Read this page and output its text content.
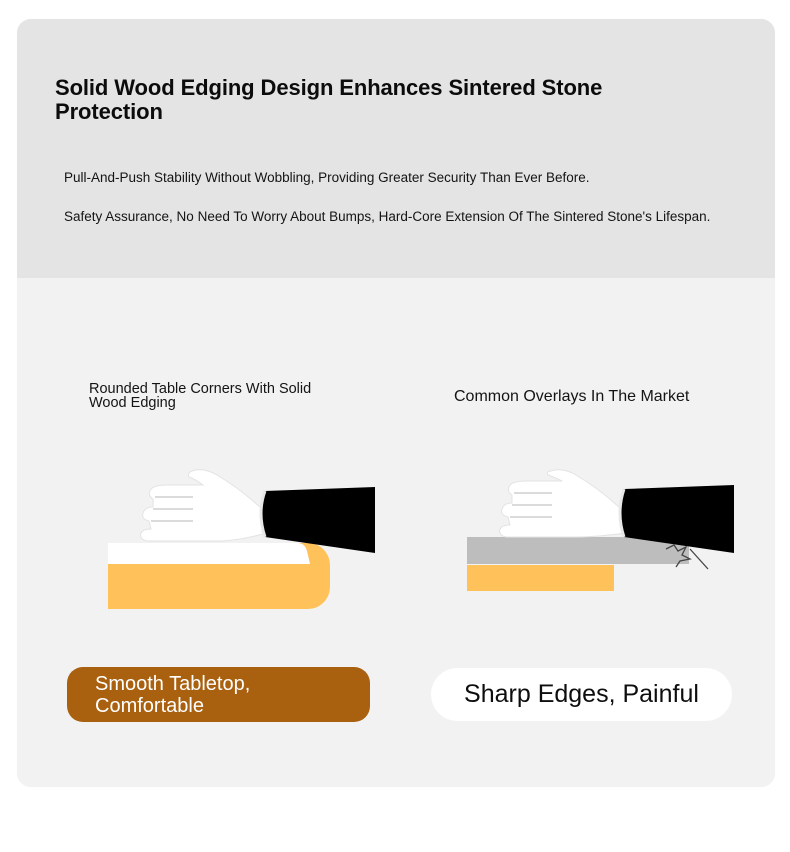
Solid Wood Edging Design Enhances Sintered Stone Protection

Pull-And-Push Stability Without Wobbling, Providing Greater Security Than Ever Before.

Safety Assurance, No Need To Worry About Bumps, Hard-Core Extension Of The Sintered Stone's Lifespan.

Rounded Table Corners With Solid Wood Edging	Common Overlays In The Market

Smooth Tabletop, Comfortable	Sharp Edges, Painful
